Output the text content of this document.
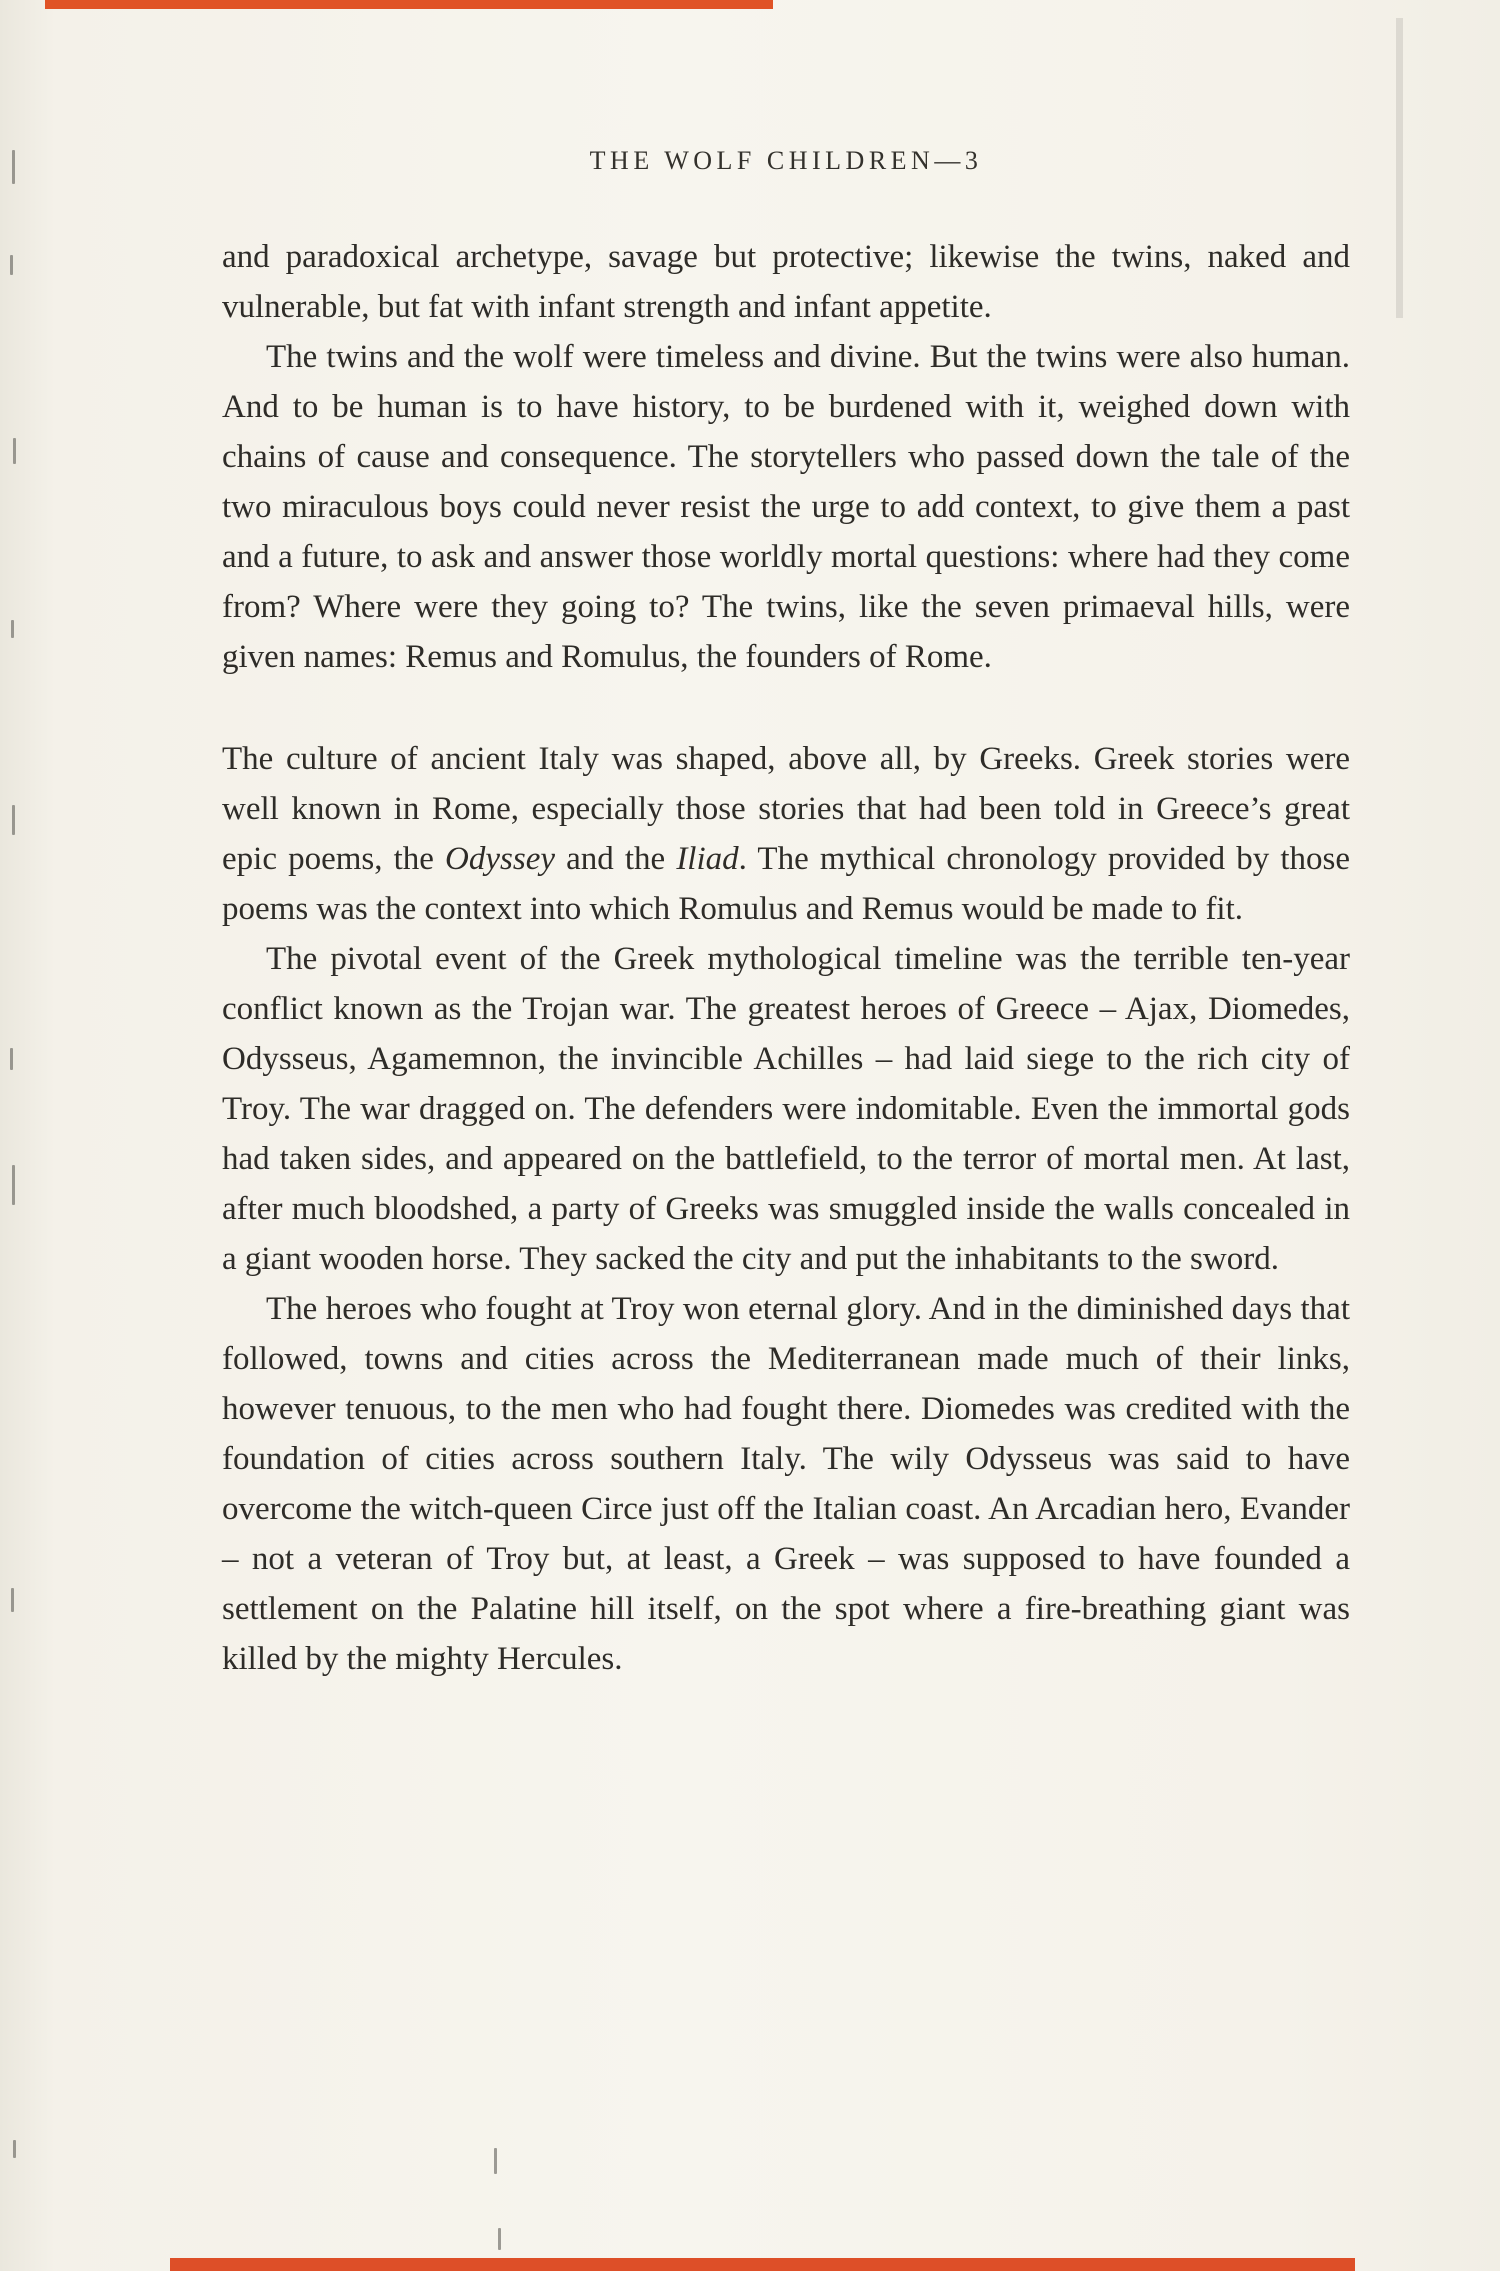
THE WOLF CHILDREN—3

and paradoxical archetype, savage but protective; likewise the twins, naked and vulnerable, but fat with infant strength and infant appetite.

The twins and the wolf were timeless and divine. But the twins were also human. And to be human is to have history, to be burdened with it, weighed down with chains of cause and consequence. The storytellers who passed down the tale of the two miraculous boys could never resist the urge to add context, to give them a past and a future, to ask and answer those worldly mortal questions: where had they come from? Where were they going to? The twins, like the seven primaeval hills, were given names: Remus and Romulus, the founders of Rome.

The culture of ancient Italy was shaped, above all, by Greeks. Greek stories were well known in Rome, especially those stories that had been told in Greece’s great epic poems, the Odyssey and the Iliad. The mythical chronology provided by those poems was the context into which Romulus and Remus would be made to fit.

The pivotal event of the Greek mythological timeline was the terrible ten-year conflict known as the Trojan war. The greatest heroes of Greece – Ajax, Diomedes, Odysseus, Agamemnon, the invincible Achilles – had laid siege to the rich city of Troy. The war dragged on. The defenders were indomitable. Even the immortal gods had taken sides, and appeared on the battlefield, to the terror of mortal men. At last, after much bloodshed, a party of Greeks was smuggled inside the walls concealed in a giant wooden horse. They sacked the city and put the inhabitants to the sword.

The heroes who fought at Troy won eternal glory. And in the diminished days that followed, towns and cities across the Mediterranean made much of their links, however tenuous, to the men who had fought there. Diomedes was credited with the foundation of cities across southern Italy. The wily Odysseus was said to have overcome the witch-queen Circe just off the Italian coast. An Arcadian hero, Evander – not a veteran of Troy but, at least, a Greek – was supposed to have founded a settlement on the Palatine hill itself, on the spot where a fire-breathing giant was killed by the mighty Hercules.
